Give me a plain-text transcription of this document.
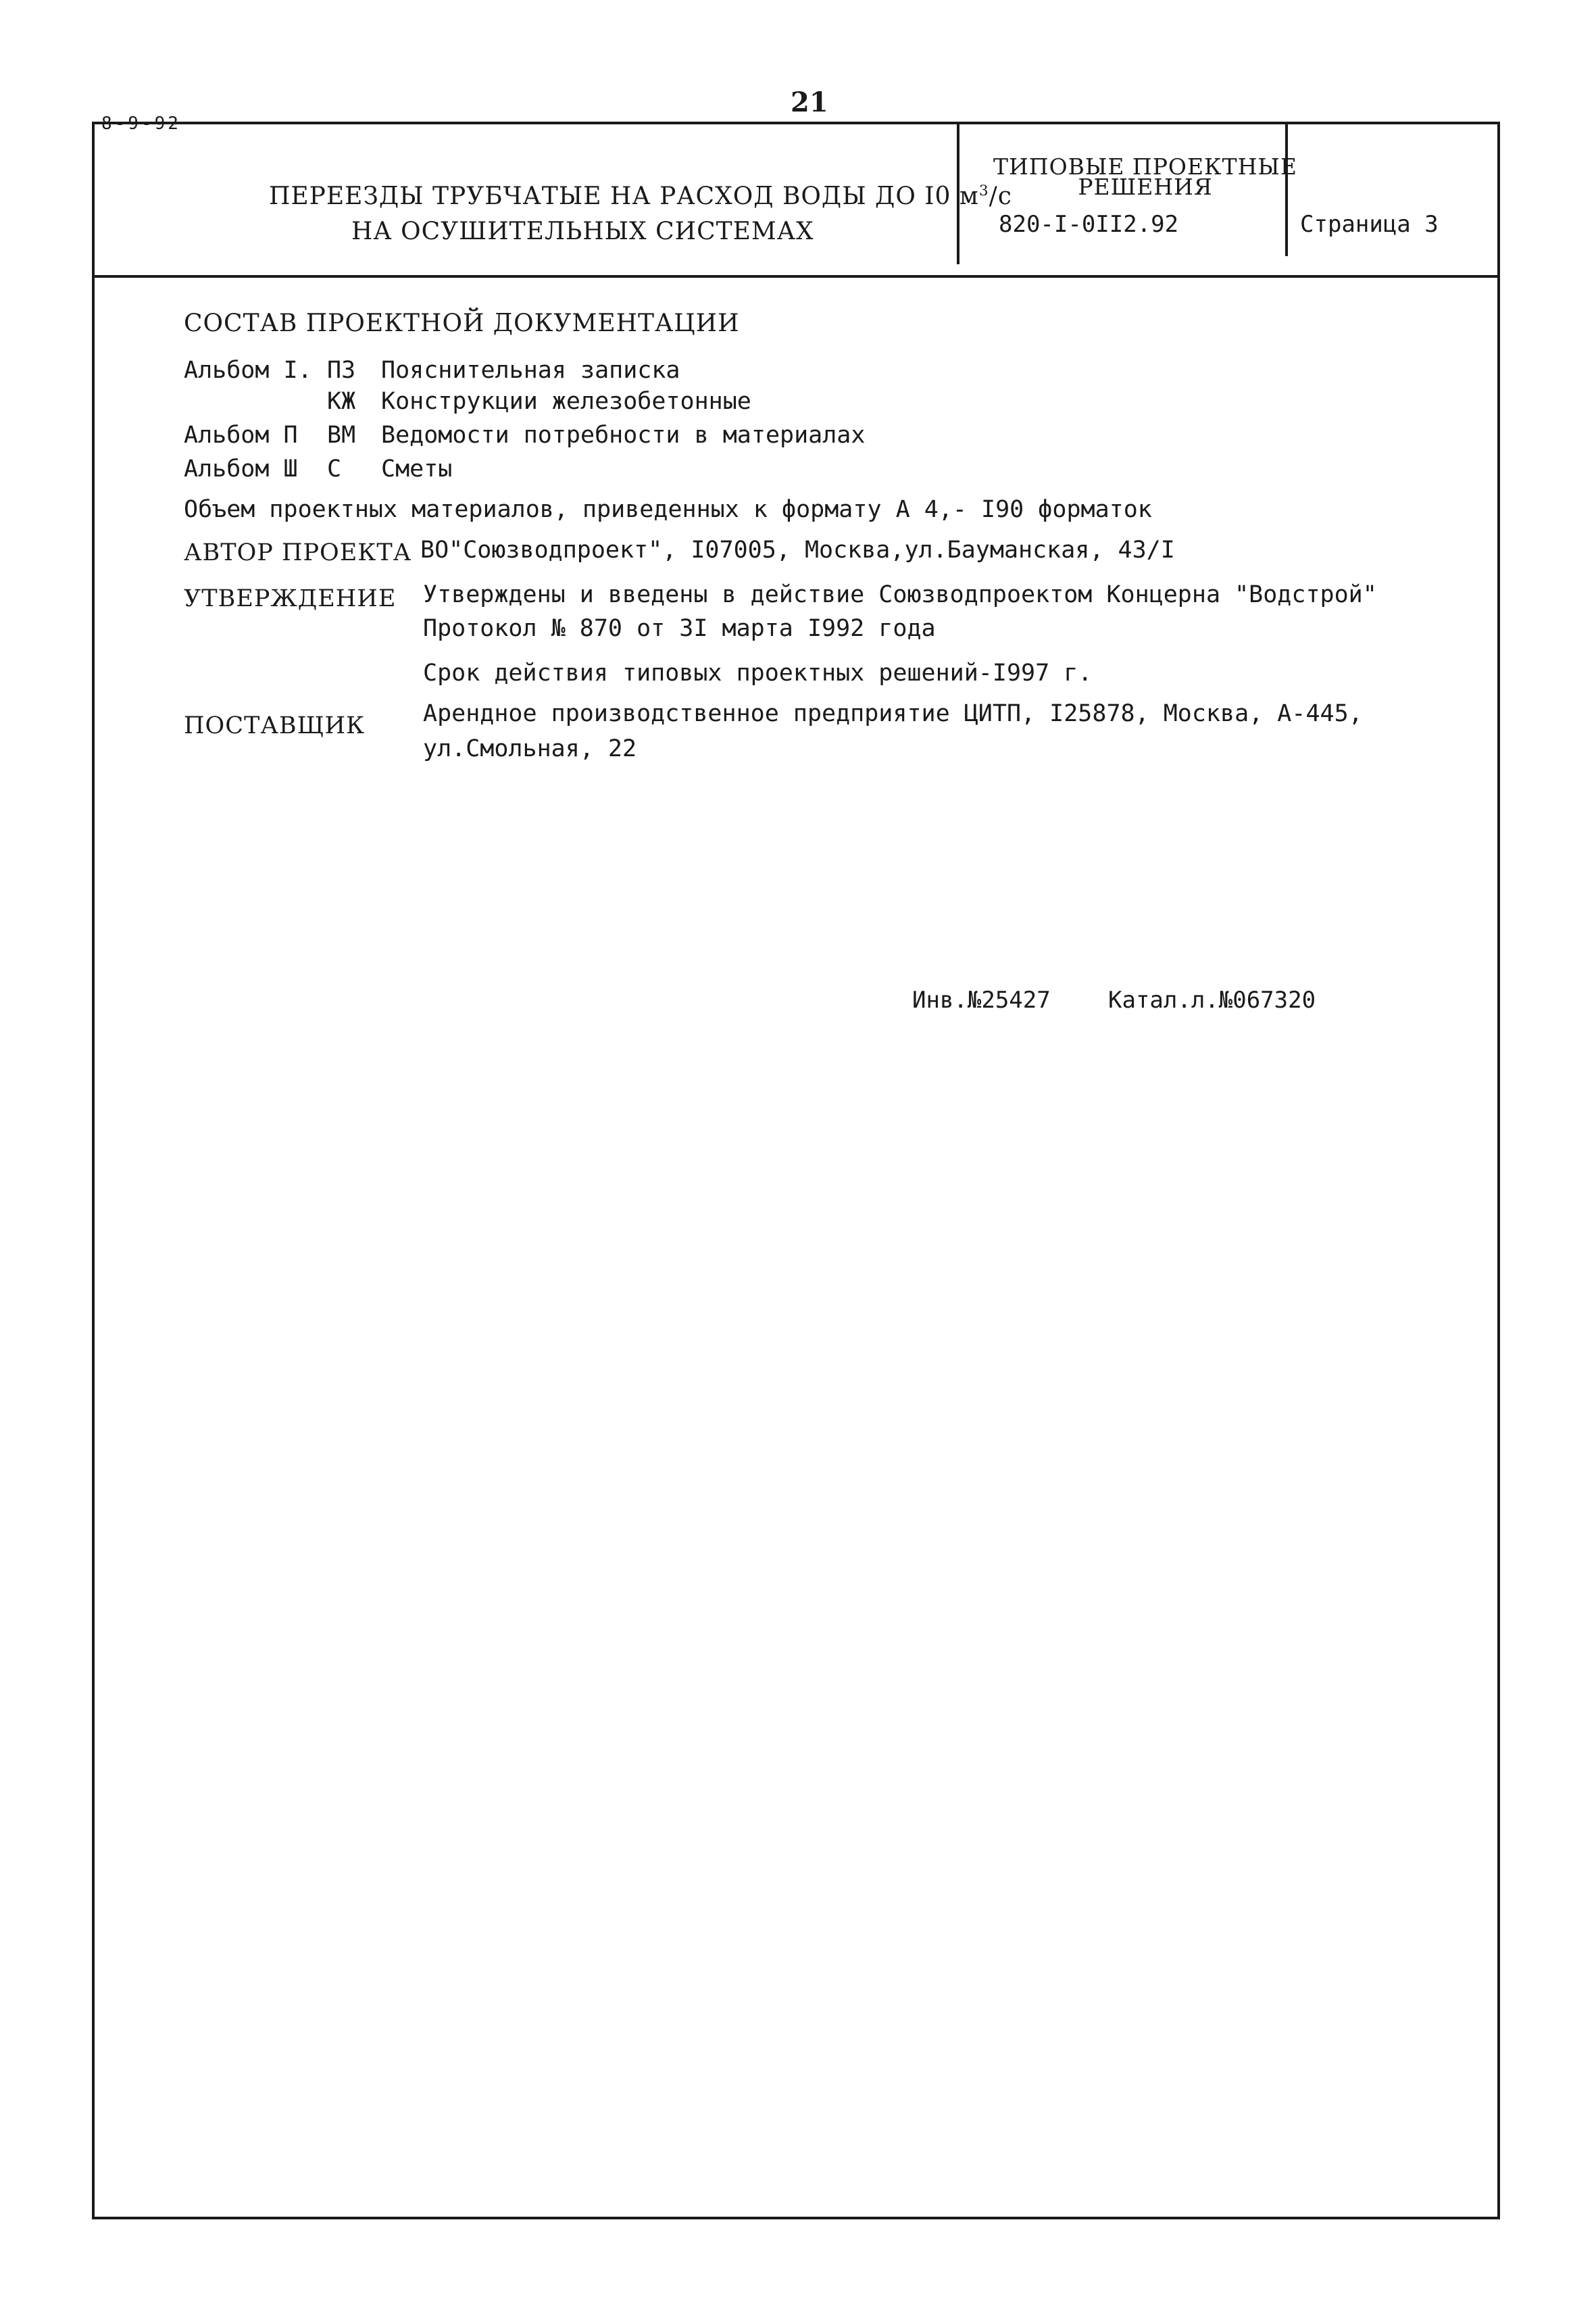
21
8-9-92
ПЕРЕЕЗДЫ ТРУБЧАТЫЕ НА РАСХОД ВОДЫ ДО I0 $м^3/с$
НА ОСУШИТЕЛЬНЫХ СИСТЕМАХ
ТИПОВЫЕ ПРОЕКТНЫЕ
РЕШЕНИЯ
820-I-0II2.92	Страница 3
СОСТАВ ПРОЕКТНОЙ ДОКУМЕНТАЦИИ
Альбом I. ПЗ Пояснительная записка
КЖ Конструкции железобетонные
Альбом П ВМ Ведомости потребности в материалах
Альбом Ш С Сметы
Объем проектных материалов, приведенных к формату А 4,- I90 форматок
АВТОР ПРОЕКТА ВО"Союзводпроект", I07005, Москва,ул.Бауманская, 43/I
УТВЕРЖДЕНИЕ Утверждены и введены в действие Союзводпроектом Концерна "Водстрой"
Протокол № 870 от 3I марта I992 года
Срок действия типовых проектных решений-I997 г.
ПОСТАВЩИК Арендное производственное предприятие ЦИТП, I25878, Москва, А-445,
ул.Смольная, 22
Инв.№25427	Катал.л.№067320
